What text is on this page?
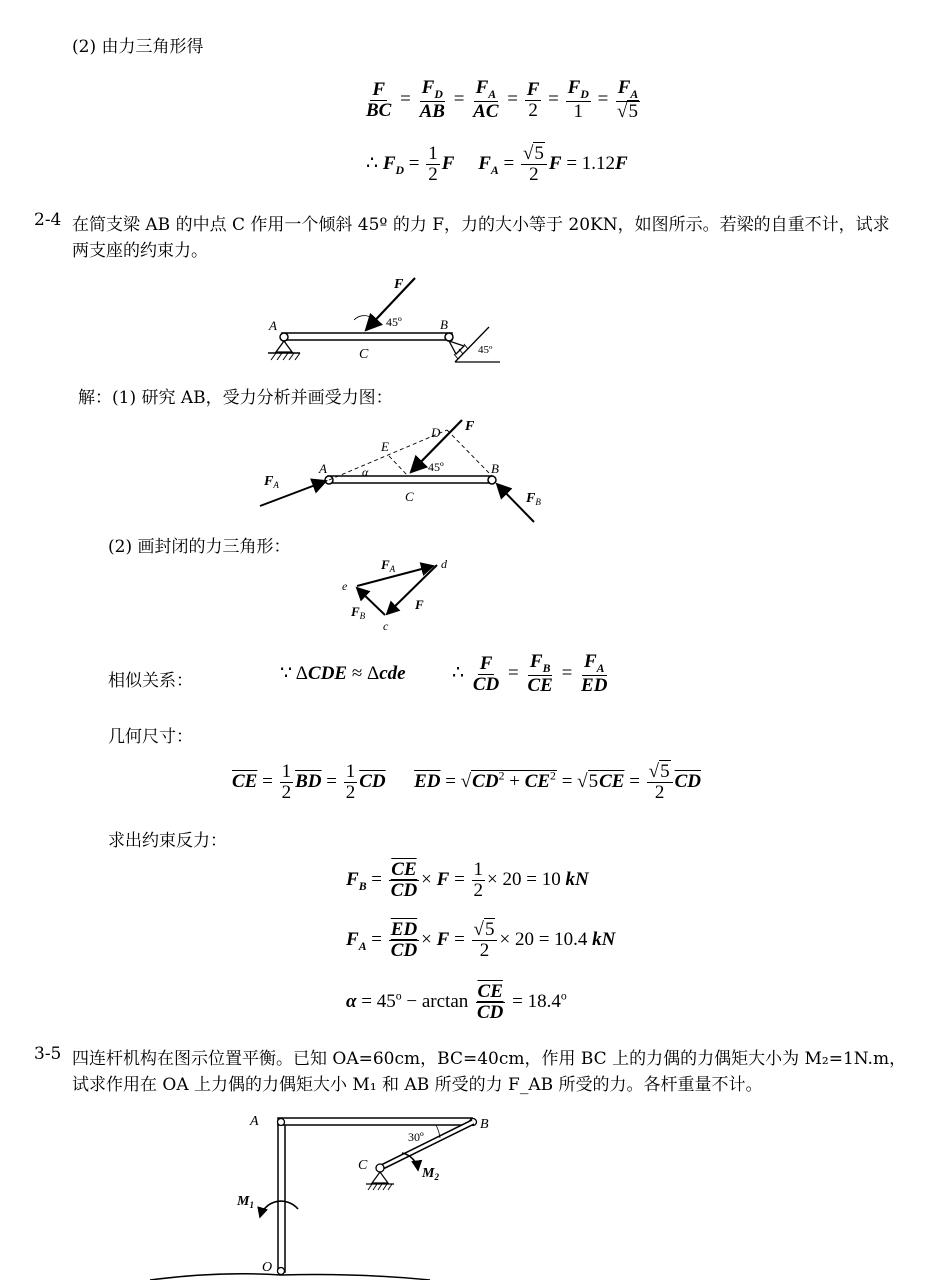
(2) 由力三角形得
$\frac{F}{BC} = \frac{F_D}{AB} = \frac{F_A}{AC} = \frac{F}{2} = \frac{F_D}{1} = \frac{F_A}{√5}$
∴ $F_D = \frac{1}{2}$ F $F_A = \frac{√5}{2}$ F = 1.12F
2-4 在简支梁 AB 的中点 C 作用一个倾斜 45º 的力 F，力的大小等于 20KN，如图所示。若梁的自重不计，试求
两支座的约束力。
F
45º
A	B
C	45º
解：(1) 研究 AB，受力分析并画受力图：
E
D F
A	B
C
α	45º
$F_A$
$F_B$
(2) 画封闭的力三角形：
$F_A$	d
e
F
$F_B$
c
相似关系：	∵ ΔCDE ≈ Δcde ∴ $\frac{F}{CD} = \frac{F_B}{CE} = \frac{F_A}{ED}$
几何尺寸：
$\overline{CE} = \frac{1}{2} \overline{BD} = \frac{1}{2} \overline{CD}$ $\overline{ED} = √CD^2 + CE^2 = √5\overline{CE} = \frac{√5}{2} \overline{CD}$
求出约束反力：
$F_B = \frac{\overline{CE}}{CD} \times F = \frac{1}{2} \times 20 = 10$ kN
$F_A = \frac{\overline{ED}}{CD} \times F = \frac{√5}{2} \times 20 = 10.4$ kN
$\alpha = 45^o - \arctan \frac{\overline{CE}}{CD} = 18.4^o$
3-5 四连杆机构在图示位置平衡。已知 OA=60cm，BC=40cm，作用 BC 上的力偶的力偶矩大小为 M₂=1N.m，
试求作用在 OA 上力偶的力偶矩大小 M₁ 和 AB 所受的力 F_AB 所受的力。各杆重量不计。
A	B
C
O
30º
$M_1$
$M_2$
